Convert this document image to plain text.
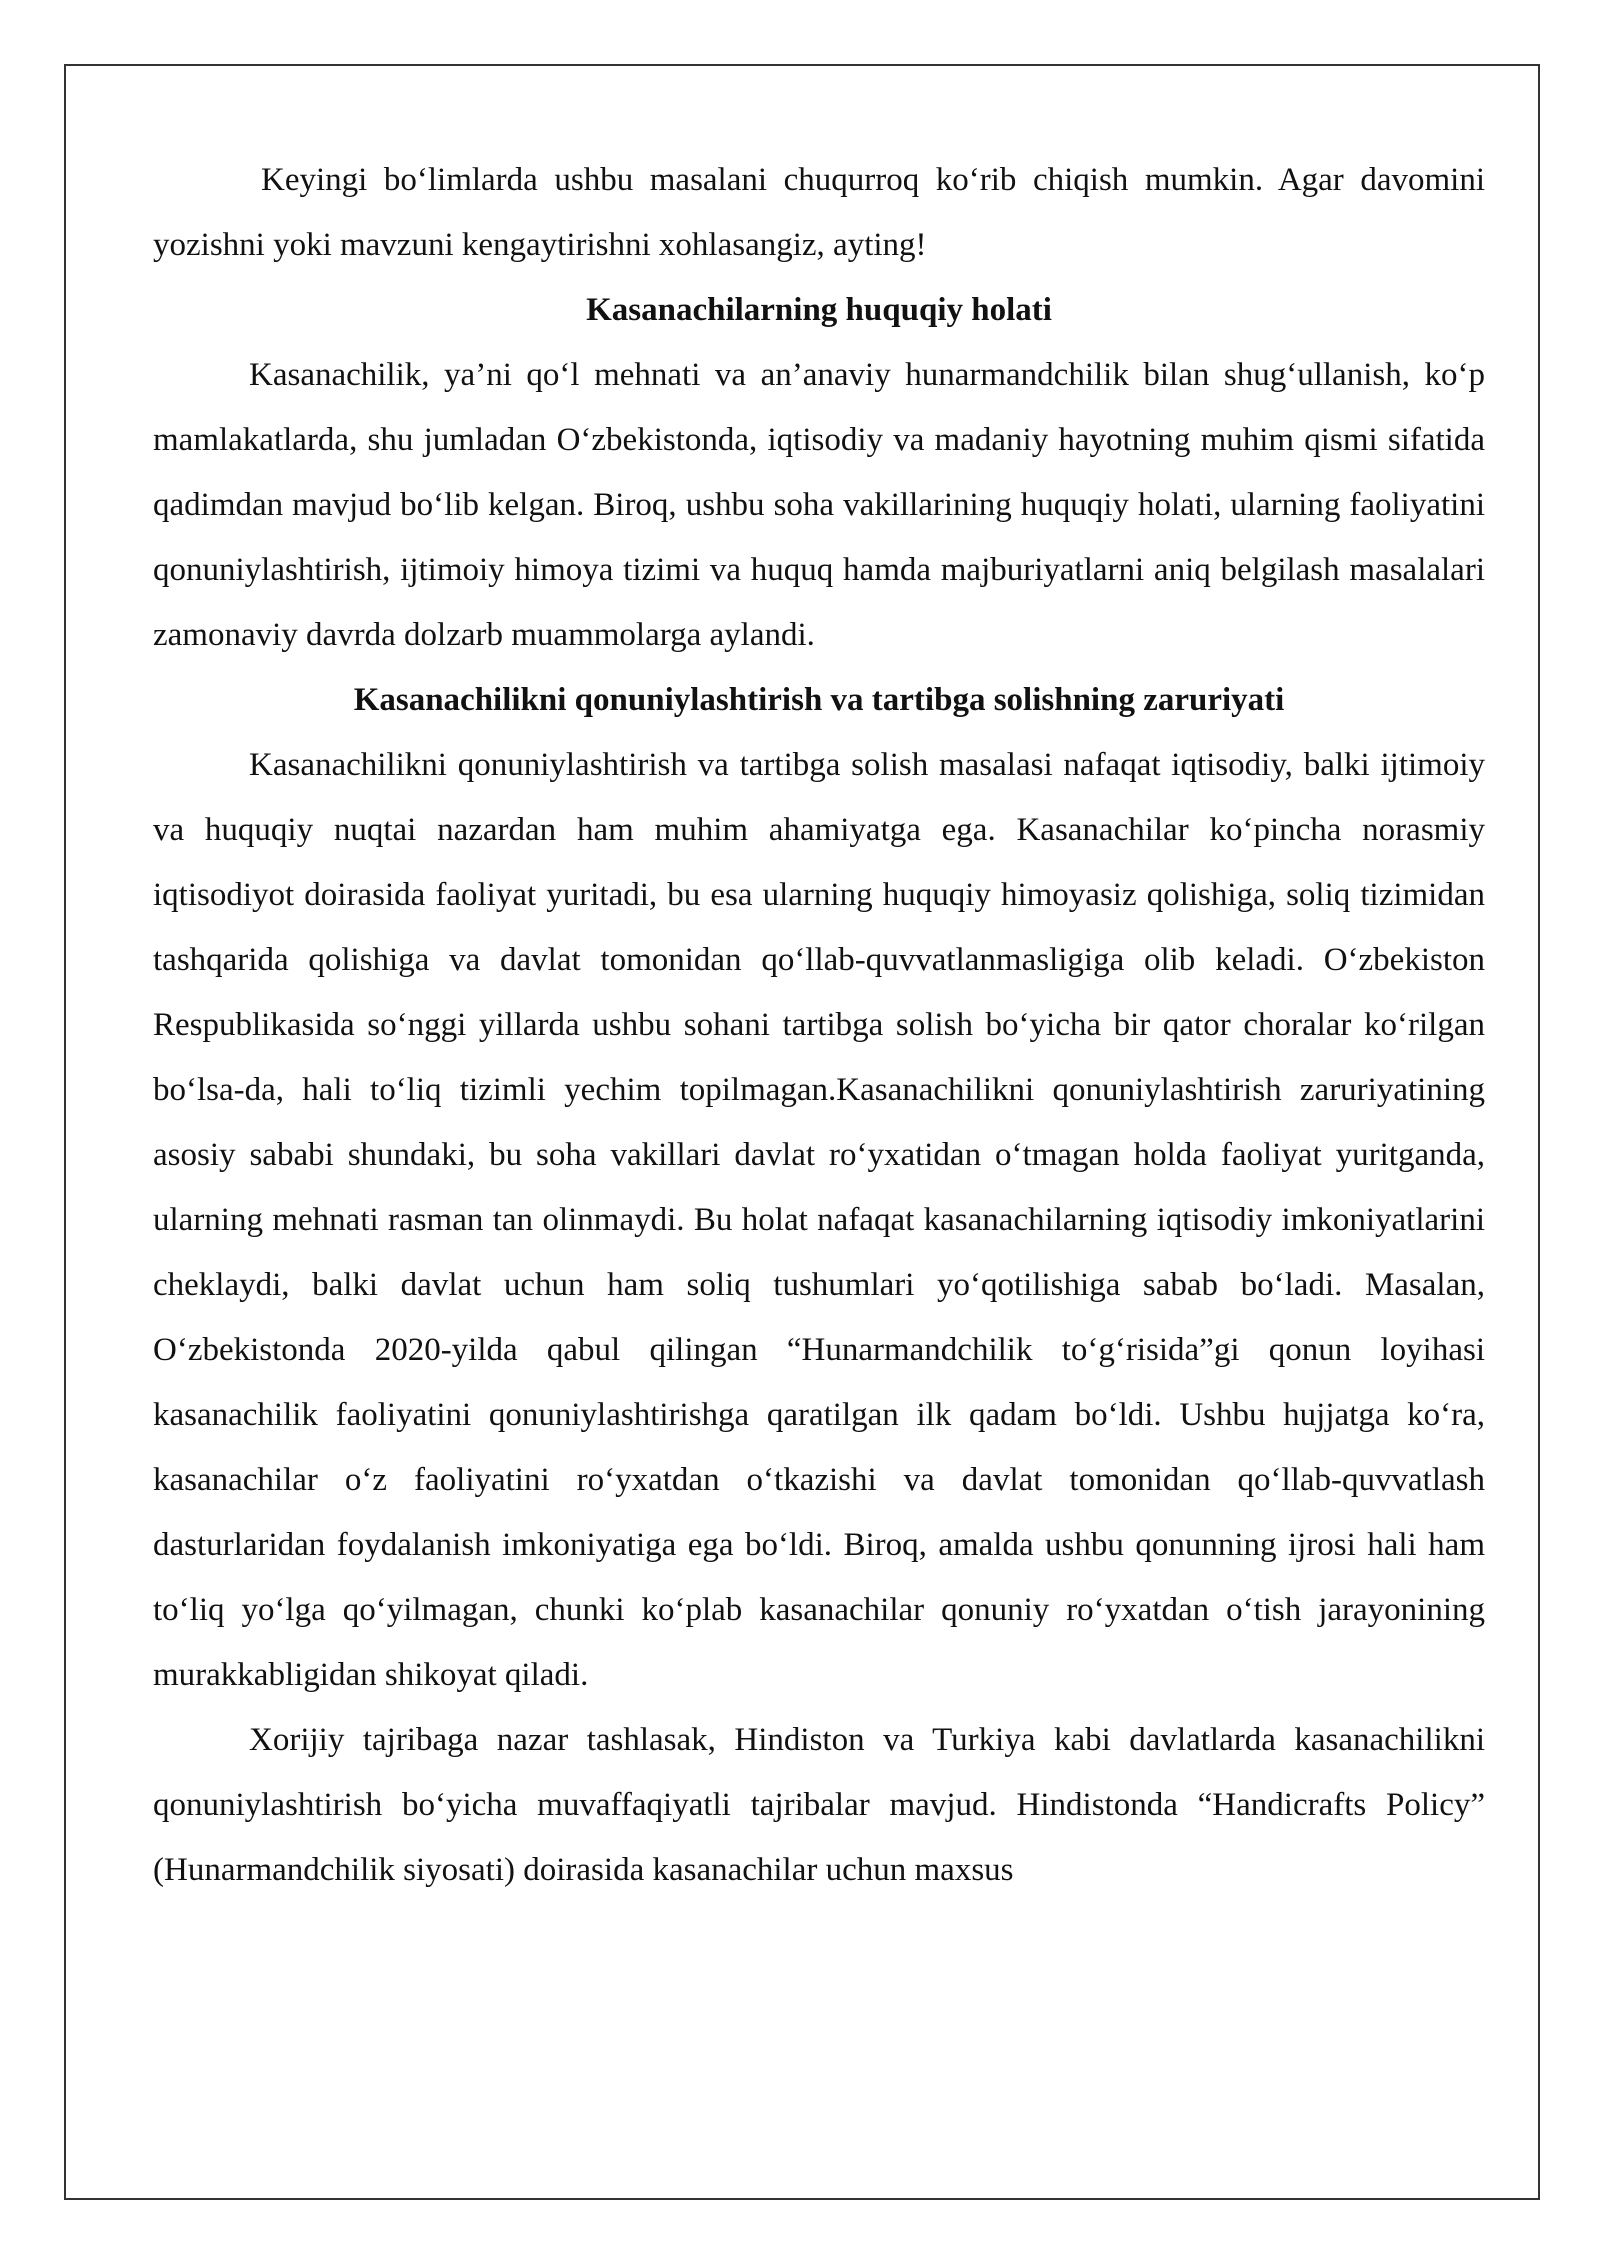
Keyingi bo‘limlarda ushbu masalani chuqurroq ko‘rib chiqish mumkin. Agar davomini yozishni yoki mavzuni kengaytirishni xohlasangiz, ayting!

Kasanachilarning huquqiy holati

Kasanachilik, ya’ni qo‘l mehnati va an’anaviy hunarmandchilik bilan shug‘ullanish, ko‘p mamlakatlarda, shu jumladan O‘zbekistonda, iqtisodiy va madaniy hayotning muhim qismi sifatida qadimdan mavjud bo‘lib kelgan. Biroq, ushbu soha vakillarining huquqiy holati, ularning faoliyatini qonuniylashtirish, ijtimoiy himoya tizimi va huquq hamda majburiyatlarni aniq belgilash masalalari zamonaviy davrda dolzarb muammolarga aylandi.

Kasanachilikni qonuniylashtirish va tartibga solishning zaruriyati

Kasanachilikni qonuniylashtirish va tartibga solish masalasi nafaqat iqtisodiy, balki ijtimoiy va huquqiy nuqtai nazardan ham muhim ahamiyatga ega. Kasanachilar ko‘pincha norasmiy iqtisodiyot doirasida faoliyat yuritadi, bu esa ularning huquqiy himoyasiz qolishiga, soliq tizimidan tashqarida qolishiga va davlat tomonidan qo‘llab-quvvatlanmasligiga olib keladi. O‘zbekiston Respublikasida so‘nggi yillarda ushbu sohani tartibga solish bo‘yicha bir qator choralar ko‘rilgan bo‘lsa-da, hali to‘liq tizimli yechim topilmagan.Kasanachilikni qonuniylashtirish zaruriyatining asosiy sababi shundaki, bu soha vakillari davlat ro‘yxatidan o‘tmagan holda faoliyat yuritganda, ularning mehnati rasman tan olinmaydi. Bu holat nafaqat kasanachilarning iqtisodiy imkoniyatlarini cheklaydi, balki davlat uchun ham soliq tushumlari yo‘qotilishiga sabab bo‘ladi. Masalan, O‘zbekistonda 2020-yilda qabul qilingan “Hunarmandchilik to‘g‘risida”gi qonun loyihasi kasanachilik faoliyatini qonuniylashtirishga qaratilgan ilk qadam bo‘ldi. Ushbu hujjatga ko‘ra, kasanachilar o‘z faoliyatini ro‘yxatdan o‘tkazishi va davlat tomonidan qo‘llab-quvvatlash dasturlaridan foydalanish imkoniyatiga ega bo‘ldi. Biroq, amalda ushbu qonunning ijrosi hali ham to‘liq yo‘lga qo‘yilmagan, chunki ko‘plab kasanachilar qonuniy ro‘yxatdan o‘tish jarayonining murakkabligidan shikoyat qiladi.

Xorijiy tajribaga nazar tashlasak, Hindiston va Turkiya kabi davlatlarda kasanachilikni qonuniylashtirish bo‘yicha muvaffaqiyatli tajribalar mavjud. Hindistonda “Handicrafts Policy” (Hunarmandchilik siyosati) doirasida kasanachilar uchun maxsus
